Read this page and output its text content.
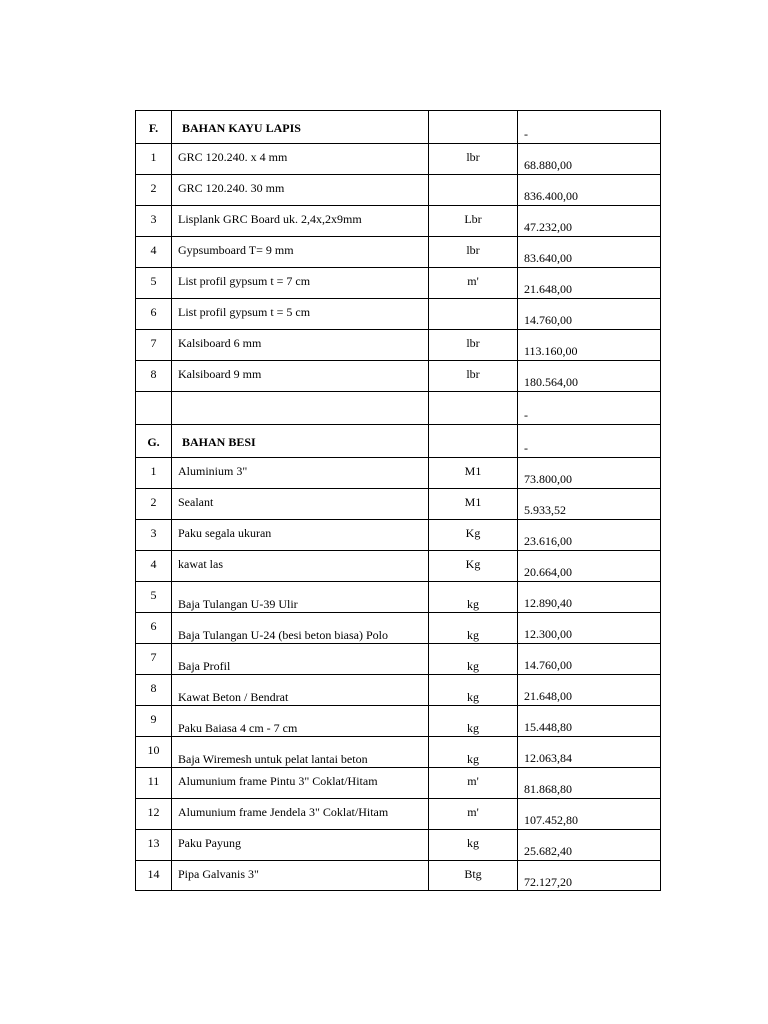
F.	BAHAN KAYU LAPIS		-

1	GRC 120.240. x 4 mm	lbr	68.880,00

2	GRC 120.240. 30 mm		836.400,00

3	Lisplank GRC Board uk. 2,4x,2x9mm	Lbr	47.232,00

4	Gypsumboard T= 9 mm	lbr	83.640,00

5	List profil gypsum t = 7 cm	m'	21.648,00

6	List profil gypsum t = 5 cm		14.760,00

7	Kalsiboard 6 mm	lbr	113.160,00

8	Kalsiboard 9 mm	lbr	180.564,00

			-

G.	BAHAN BESI		-

1	Aluminium 3"	M1	73.800,00

2	Sealant	M1	5.933,52

3	Paku segala ukuran	Kg	23.616,00

4	kawat las	Kg	20.664,00

5	Baja Tulangan U-39 Ulir	kg	12.890,40

6	Baja Tulangan U-24 (besi beton biasa) Polo	kg	12.300,00

7	Baja Profil	kg	14.760,00

8	Kawat Beton / Bendrat	kg	21.648,00

9	Paku Baiasa 4 cm - 7 cm	kg	15.448,80

10	Baja Wiremesh untuk pelat lantai beton	kg	12.063,84

11	Alumunium frame Pintu 3" Coklat/Hitam	m'	81.868,80

12	Alumunium frame Jendela 3" Coklat/Hitam	m'	107.452,80

13	Paku Payung	kg	25.682,40

14	Pipa Galvanis 3"	Btg	72.127,20
